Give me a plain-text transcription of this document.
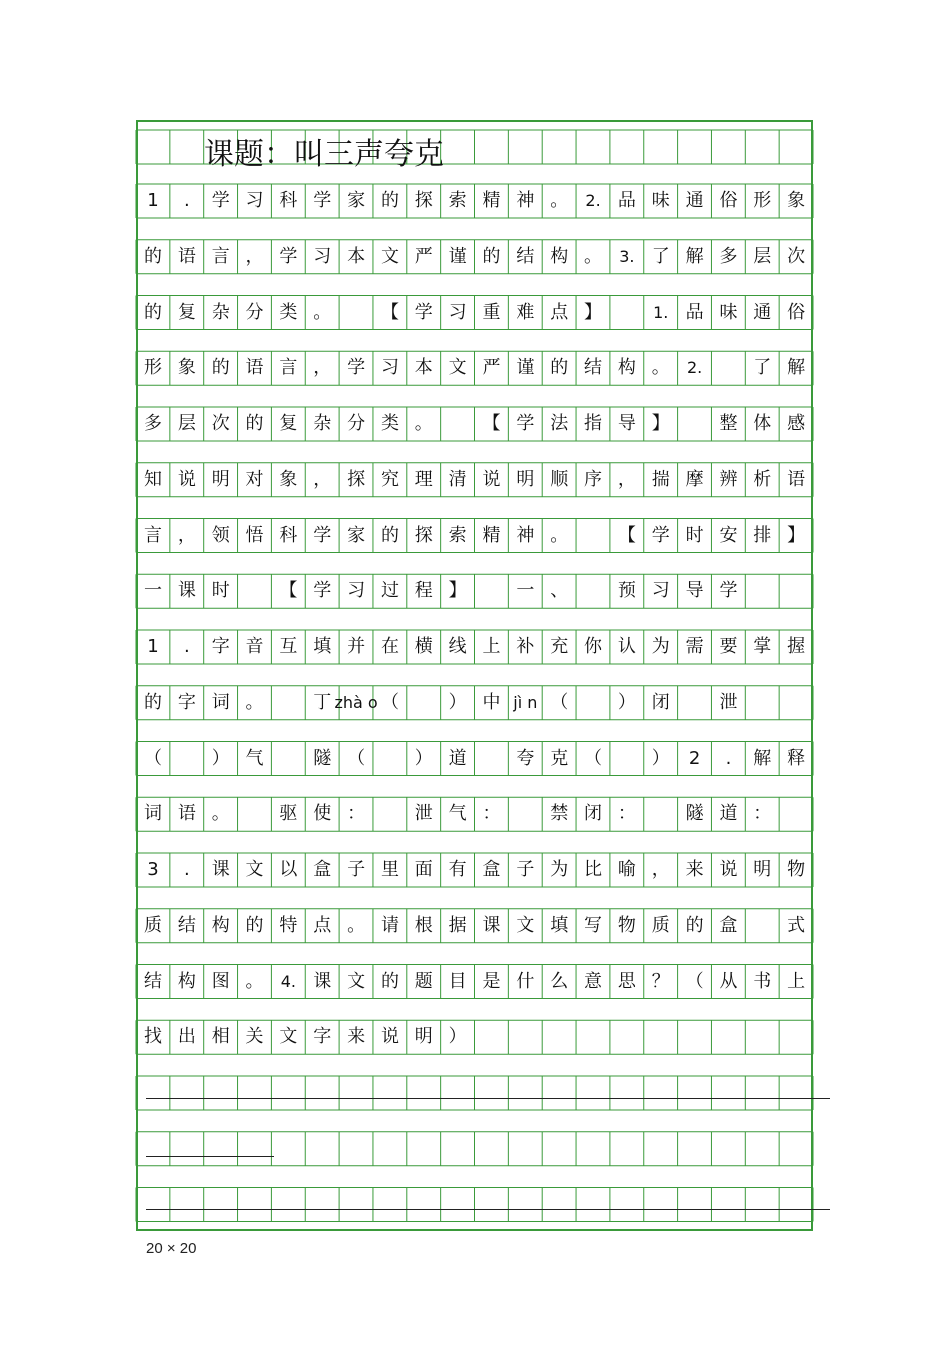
1	.	学 习 科 学 家 的 探 索 精 神 。	2. 品 味 通 俗 形 象
的 语 言 ， 学 习 本 文 严 谨 的 结 构 。	3. 了 解 多 层 次
的 复 杂 分 类 。	【 学 习 重 难 点 】	1. 品 味 通 俗
形 象 的 语 言 ， 学 习 本 文 严 谨 的 结 构 。	2.	了 解
多 层 次 的 复 杂 分 类 。	【 学 法 指 导 】	整 体 感
知 说 明 对 象 ， 探 究 理 清 说 明 顺 序 ， 揣 摩 辨 析 语
言 ， 领 悟 科 学 家 的 探 索 精 神 。	【 学 时 安 排 】
一 课 时	【 学 习 过 程 】	一 、	预 习 导 学
1	.	字 音 互 填 并 在 横 线 上 补 充 你 认 为 需 要 掌 握
的 字 词 。	丁 zhà o （	） 中 jì n （	） 闭	泄
（	） 气	隧 （	） 道	夸 克 （	）	2	.	解 释
词 语 。	驱 使 ：	泄 气 ：	禁 闭 ：	隧 道 ：
3	.	课 文 以 盒 子 里 面 有 盒 子 为 比 喻 ， 来 说 明 物
质 结 构 的 特 点 。 请 根 据 课 文 填 写 物 质 的 盒	式
结 构 图 。	4. 课 文 的 题 目 是 什 么 意 思 ？ （ 从 书 上
找 出 相 关 文 字 来 说 明 ）
课题：叫三声夸克
20 × 20
